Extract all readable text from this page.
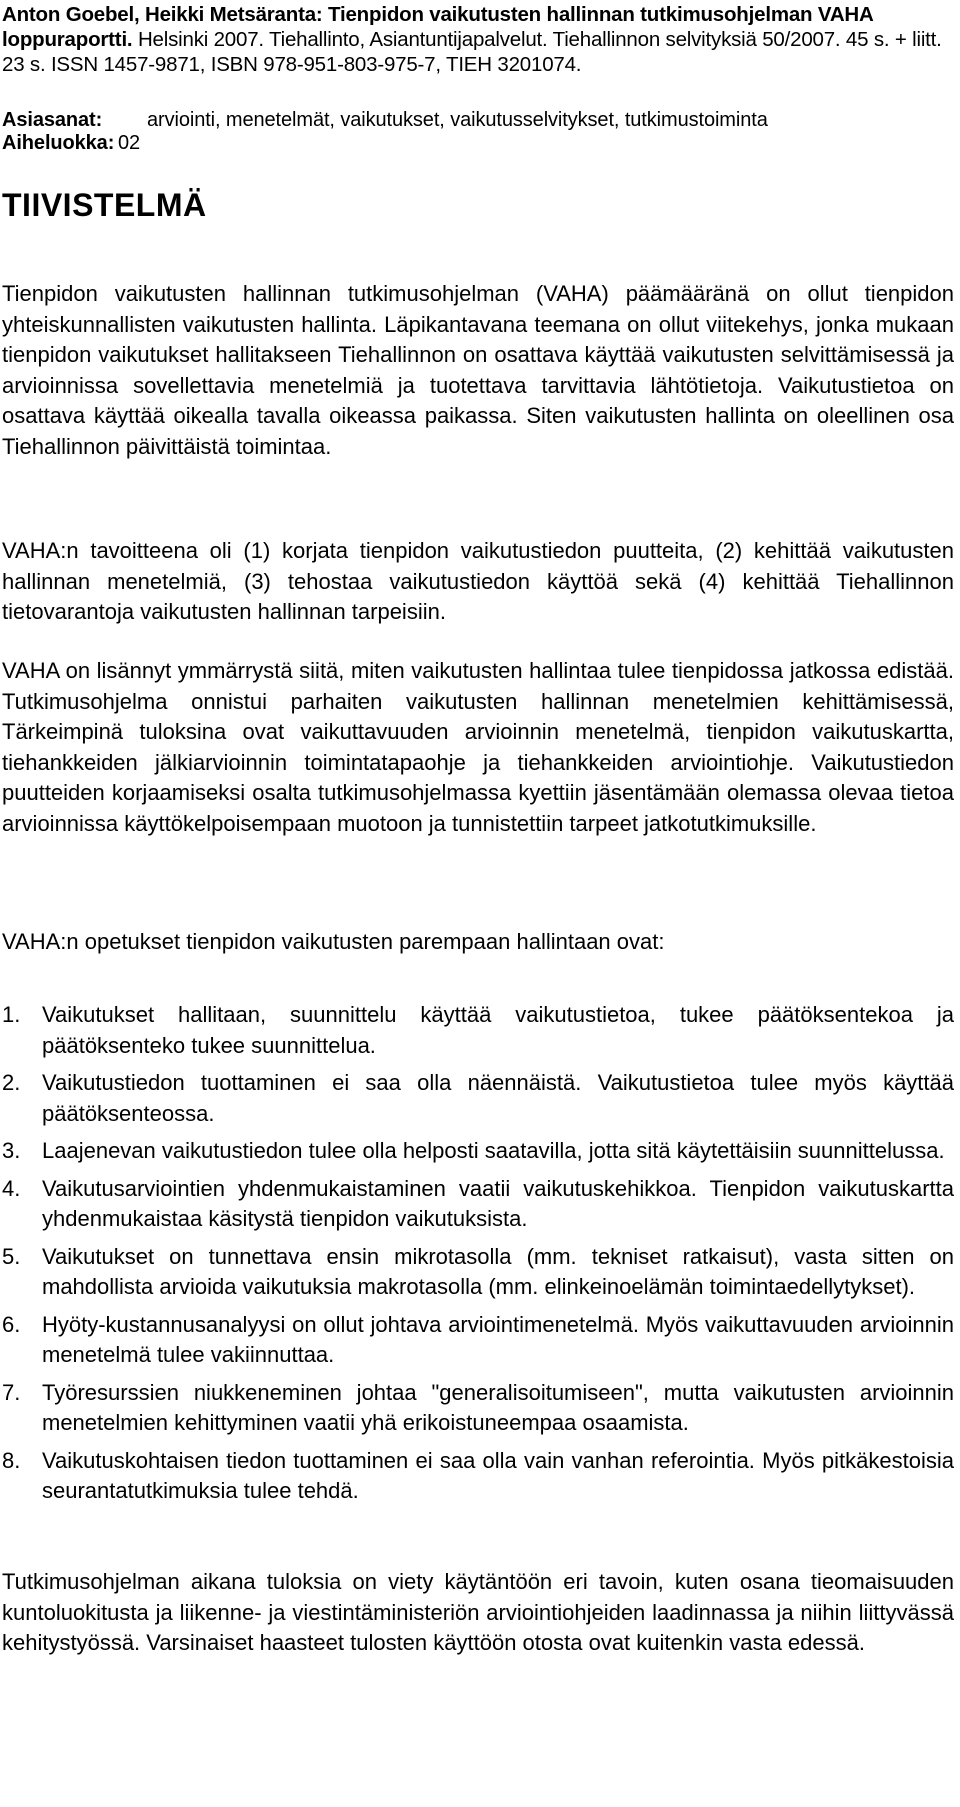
Anton Goebel, Heikki Metsäranta: Tienpidon vaikutusten hallinnan tutkimusohjelman VAHA loppuraportti. Helsinki 2007. Tiehallinto, Asiantuntijapalvelut. Tiehallinnon selvityksiä 50/2007. 45 s. + liitt. 23 s. ISSN 1457-9871, ISBN 978-951-803-975-7, TIEH 3201074.
Asiasanat: arviointi, menetelmät, vaikutukset, vaikutusselvitykset, tutkimustoiminta
Aiheluokka: 02
TIIVISTELMÄ

Tienpidon vaikutusten hallinnan tutkimusohjelman (VAHA) päämääränä on ollut tienpidon yhteiskunnallisten vaikutusten hallinta. Läpikantavana teemana on ollut viitekehys, jonka mukaan tienpidon vaikutukset hallitakseen Tiehallinnon on osattava käyttää vaikutusten selvittämisessä ja arvioinnissa sovellettavia menetelmiä ja tuotettava tarvittavia lähtötietoja. Vaikutustietoa on osattava käyttää oikealla tavalla oikeassa paikassa. Siten vaikutusten hallinta on oleellinen osa Tiehallinnon päivittäistä toimintaa.

VAHA:n tavoitteena oli (1) korjata tienpidon vaikutustiedon puutteita, (2) kehittää vaikutusten hallinnan menetelmiä, (3) tehostaa vaikutustiedon käyttöä sekä (4) kehittää Tiehallinnon tietovarantoja vaikutusten hallinnan tarpeisiin.

VAHA on lisännyt ymmärrystä siitä, miten vaikutusten hallintaa tulee tienpidossa jatkossa edistää. Tutkimusohjelma onnistui parhaiten vaikutusten hallinnan menetelmien kehittämisessä, Tärkeimpinä tuloksina ovat vaikuttavuuden arvioinnin menetelmä, tienpidon vaikutuskartta, tiehankkeiden jälkiarvioinnin toimintatapaohje ja tiehankkeiden arviointiohje. Vaikutustiedon puutteiden korjaamiseksi osalta tutkimusohjelmassa kyettiin jäsentämään olemassa olevaa tietoa arvioinnissa käyttökelpoisempaan muotoon ja tunnistettiin tarpeet jatkotutkimuksille.

VAHA:n opetukset tienpidon vaikutusten parempaan hallintaan ovat:

1. Vaikutukset hallitaan, suunnittelu käyttää vaikutustietoa, tukee päätöksentekoa ja päätöksenteko tukee suunnittelua.
2. Vaikutustiedon tuottaminen ei saa olla näennäistä. Vaikutustietoa tulee myös käyttää päätöksenteossa.
3. Laajenevan vaikutustiedon tulee olla helposti saatavilla, jotta sitä käytettäisiin suunnittelussa.
4. Vaikutusarviointien yhdenmukaistaminen vaatii vaikutuskehikkoa. Tienpidon vaikutuskartta yhdenmukaistaa käsitystä tienpidon vaikutuksista.
5. Vaikutukset on tunnettava ensin mikrotasolla (mm. tekniset ratkaisut), vasta sitten on mahdollista arvioida vaikutuksia makrotasolla (mm. elinkeinoelämän toimintaedellytykset).
6. Hyöty-kustannusanalyysi on ollut johtava arviointimenetelmä. Myös vaikuttavuuden arvioinnin menetelmä tulee vakiinnuttaa.
7. Työresurssien niukkeneminen johtaa "generalisoitumiseen", mutta vaikutusten arvioinnin menetelmien kehittyminen vaatii yhä erikoistuneempaa osaamista.
8. Vaikutuskohtaisen tiedon tuottaminen ei saa olla vain vanhan referointia. Myös pitkäkestoisia seurantatutkimuksia tulee tehdä.

Tutkimusohjelman aikana tuloksia on viety käytäntöön eri tavoin, kuten osana tieomaisuuden kuntoluokitusta ja liikenne- ja viestintäministeriön arviointiohjeiden laadinnassa ja niihin liittyvässä kehitystyössä. Varsinaiset haasteet tulosten käyttöön otosta ovat kuitenkin vasta edessä.
